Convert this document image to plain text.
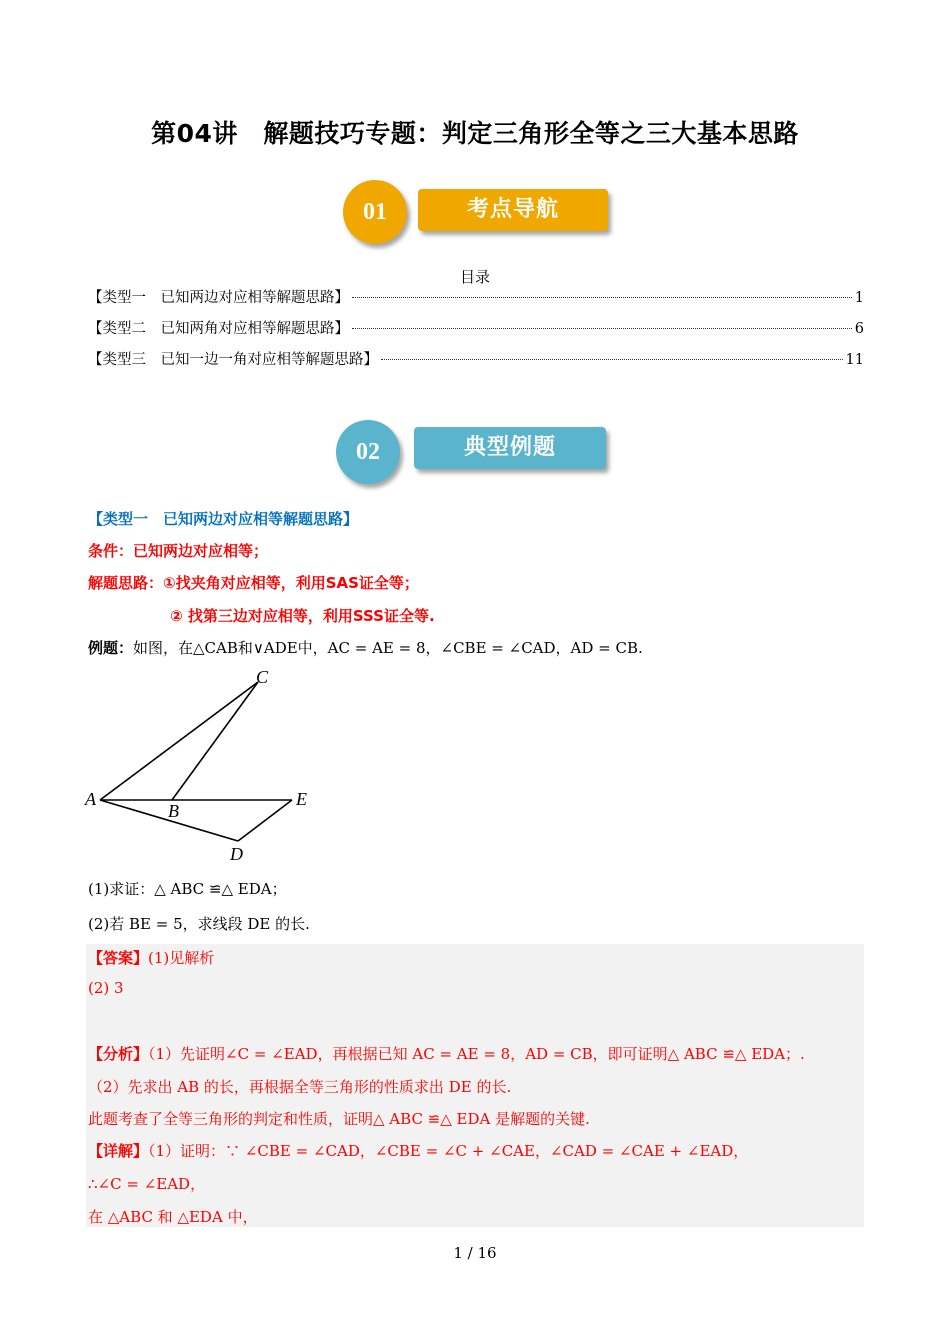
第04讲　解题技巧专题：判定三角形全等之三大基本思路
01	考点导航
目录
【类型一　已知两边对应相等解题思路】	1
【类型二　已知两角对应相等解题思路】	6
【类型三　已知一边一角对应相等解题思路】	11
02	典型例题
【类型一　已知两边对应相等解题思路】
条件：已知两边对应相等；
解题思路：①找夹角对应相等，利用SAS证全等；
② 找第三边对应相等，利用SSS证全等.
例题：如图，在△CAB和∨ADE中，AC = AE = 8，∠CBE = ∠CAD，AD = CB.
A
B
C
D
E
(1)求证：△ ABC ≌△ EDA；
(2)若 BE = 5，求线段 DE 的长.
【答案】(1)见解析
(2) 3
【分析】（1）先证明∠C = ∠EAD，再根据已知 AC = AE = 8，AD = CB，即可证明△ ABC ≌△ EDA；.
（2）先求出 AB 的长，再根据全等三角形的性质求出 DE 的长.
此题考查了全等三角形的判定和性质，证明△ ABC ≌△ EDA 是解题的关键.
【详解】（1）证明：∵ ∠CBE = ∠CAD，∠CBE = ∠C + ∠CAE，∠CAD = ∠CAE + ∠EAD，
∴∠C = ∠EAD，
在 △ABC 和 △EDA 中，
1 / 16
